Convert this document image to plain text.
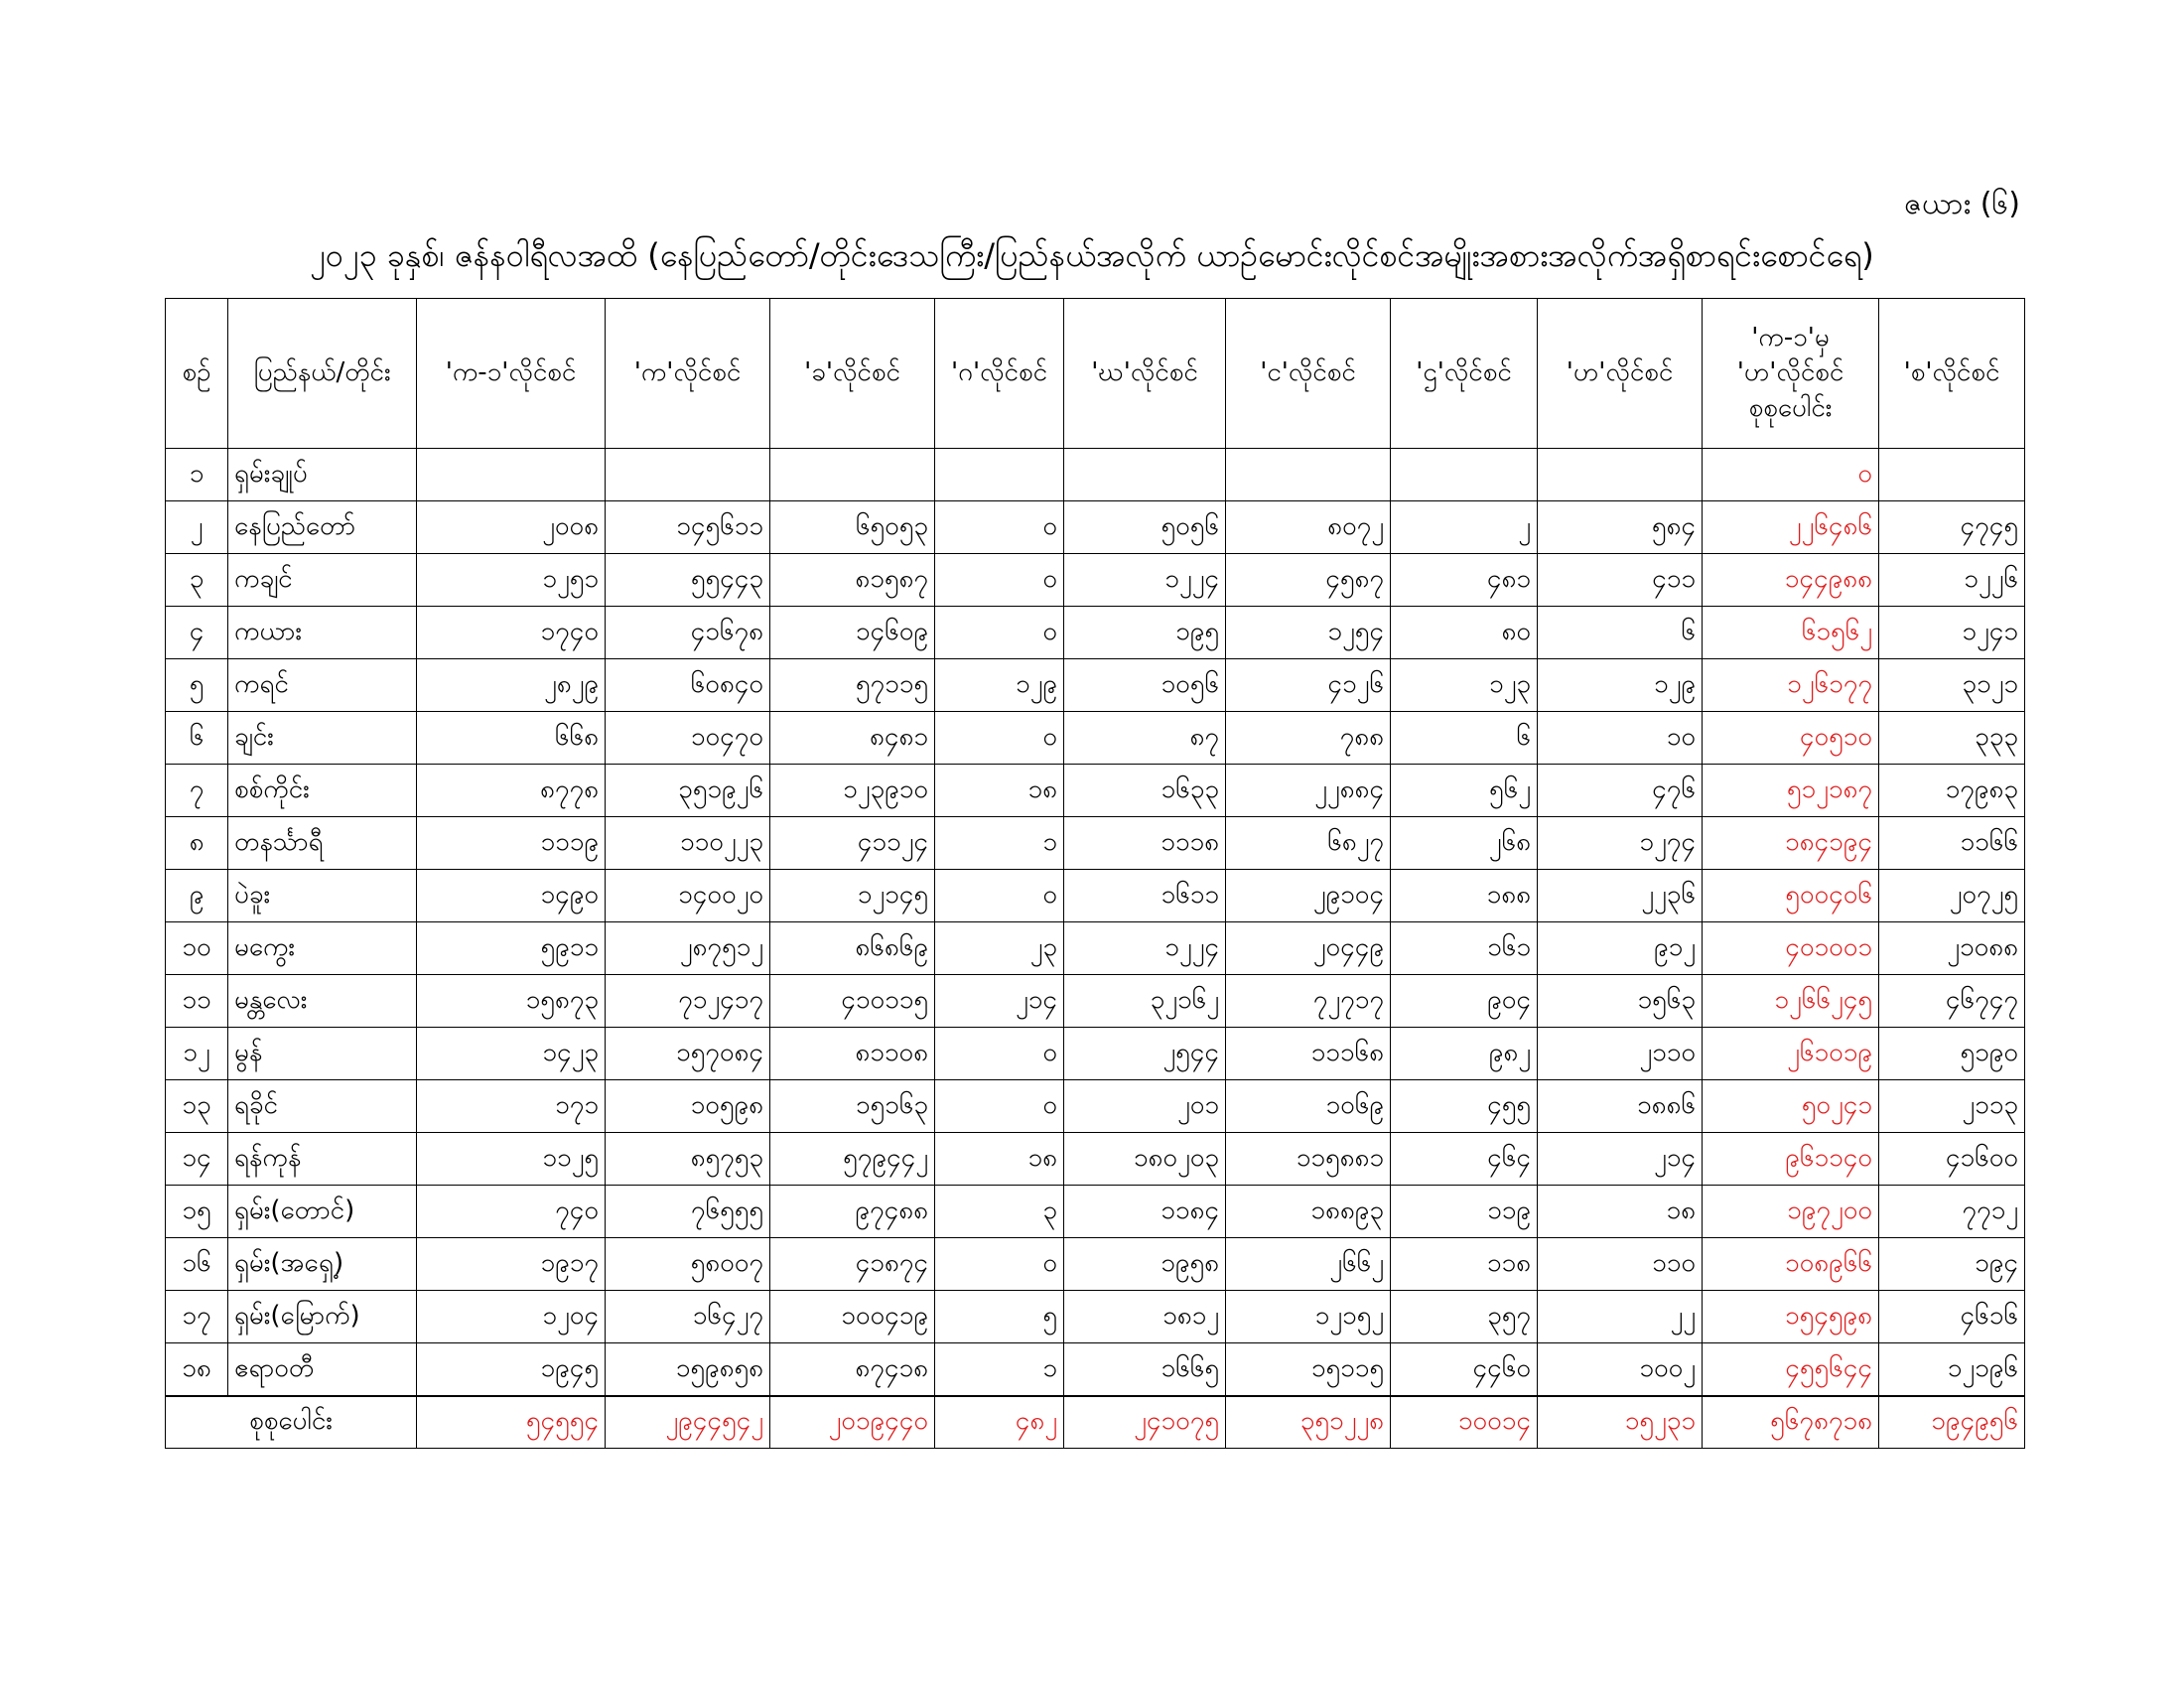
ဇယား (၆)
၂၀၂၃ ခုနှစ်၊ ဇန်နဝါရီလအထိ (နေပြည်တော်/တိုင်းဒေသကြီး/ပြည်နယ်အလိုက် ယာဉ်မောင်းလိုင်စင်အမျိုးအစားအလိုက်အရှိစာရင်းစောင်ရေ)
စဉ်	ပြည်နယ်/တိုင်း	'က-၁'လိုင်စင်	'က'လိုင်စင်	'ခ'လိုင်စင်	'ဂ'လိုင်စင်	'ဃ'လိုင်စင်	'င'လိုင်စင်	'ဌ'လိုင်စင်	'ဟ'လိုင်စင်	'က-၁'မှ 'ဟ'လိုင်စင် စုစုပေါင်း	'စ'လိုင်စင်
၁	ရှမ်းချုပ်									၀	
၂	နေပြည်တော်	၂၀၀၈	၁၄၅၆၁၁	၆၅၀၅၃	၀	၅၀၅၆	၈၀၇၂	၂	၅၈၄	၂၂၆၄၈၆	၄၇၄၅
၃	ကချင်	၁၂၅၁	၅၅၄၄၃	၈၁၅၈၇	၀	၁၂၂၄	၄၅၈၇	၄၈၁	၄၁၁	၁၄၄၉၈၈	၁၂၂၆
၄	ကယား	၁၇၄၀	၄၁၆၇၈	၁၄၆၀၉	၀	၁၉၅	၁၂၅၄	၈၀	၆	၆၁၅၆၂	၁၂၄၁
၅	ကရင်	၂၈၂၉	၆၀၈၄၀	၅၇၁၁၅	၁၂၉	၁၀၅၆	၄၁၂၆	၁၂၃	၁၂၉	၁၂၆၁၇၇	၃၁၂၁
၆	ချင်း	၆၆၈	၁၀၄၇၀	၈၄၈၁	၀	၈၇	၇၈၈	၆	၁၀	၄၀၅၁၀	၃၃၃
၇	စစ်ကိုင်း	၈၇၇၈	၃၅၁၉၂၆	၁၂၃၉၁၀	၁၈	၁၆၃၃	၂၂၈၈၄	၅၆၂	၄၇၆	၅၁၂၁၈၇	၁၇၉၈၃
၈	တနင်္သာရီ	၁၁၁၉	၁၁၀၂၂၃	၄၁၁၂၄	၁	၁၁၁၈	၆၈၂၇	၂၆၈	၁၂၇၄	၁၈၄၁၉၄	၁၁၆၆
၉	ပဲခူး	၁၄၉၀	၁၄၀၀၂၀	၁၂၁၄၅	၀	၁၆၁၁	၂၉၁၀၄	၁၈၈	၂၂၃၆	၅၀၀၄၀၆	၂၀၇၂၅
၁၀	မကွေး	၅၉၁၁	၂၈၇၅၁၂	၈၆၈၆၉	၂၃	၁၂၂၄	၂၀၄၄၉	၁၆၁	၉၁၂	၄၀၁၀၀၁	၂၁၀၈၈
၁၁	မန္တလေး	၁၅၈၇၃	၇၁၂၄၁၇	၄၁၀၁၁၅	၂၁၄	၃၂၁၆၂	၇၂၇၁၇	၉၀၄	၁၅၆၃	၁၂၆၆၂၄၅	၄၆၇၄၇
၁၂	မွန်	၁၄၂၃	၁၅၇၀၈၄	၈၁၁၀၈	၀	၂၅၄၄	၁၁၁၆၈	၉၈၂	၂၁၁၀	၂၆၁၀၁၉	၅၁၉၀
၁၃	ရခိုင်	၁၇၁	၁၀၅၉၈	၁၅၁၆၃	၀	၂၀၁	၁၀၆၉	၄၅၅	၁၈၈၆	၅၀၂၄၁	၂၁၁၃
၁၄	ရန်ကုန်	၁၁၂၅	၈၅၇၅၃	၅၇၉၄၄၂	၁၈	၁၈၀၂၀၃	၁၁၅၈၈၁	၄၆၄	၂၁၄	၉၆၁၁၄၀	၄၁၆၀၀
၁၅	ရှမ်း(တောင်)	၇၄၀	၇၆၅၅၅	၉၇၄၈၈	၃	၁၁၈၄	၁၈၈၉၃	၁၁၉	၁၈	၁၉၇၂၀၀	၇၇၁၂
၁၆	ရှမ်း(အရှေ့)	၁၉၁၇	၅၈၀၀၇	၄၁၈၇၄	၀	၁၉၅၈	၂၆၆၂	၁၁၈	၁၁၀	၁၀၈၉၆၆	၁၉၄
၁၇	ရှမ်း(မြောက်)	၁၂၀၄	၁၆၄၂၇	၁၀၀၄၁၉	၅	၁၈၁၂	၁၂၁၅၂	၃၅၇	၂၂	၁၅၄၅၉၈	၄၆၁၆
၁၈	ဧရာဝတီ	၁၉၄၅	၁၅၉၈၅၈	၈၇၄၁၈	၁	၁၆၆၅	၁၅၁၁၅	၄၄၆၀	၁၀၀၂	၄၅၅၆၄၄	၁၂၁၉၆
စုစုပေါင်း		၅၄၅၅၄	၂၉၄၄၅၄၂	၂၀၁၉၄၄၀	၄၈၂	၂၄၁၀၇၅	၃၅၁၂၂၈	၁၀၀၁၄	၁၅၂၃၁	၅၆၇၈၇၁၈	၁၉၄၉၅၆
